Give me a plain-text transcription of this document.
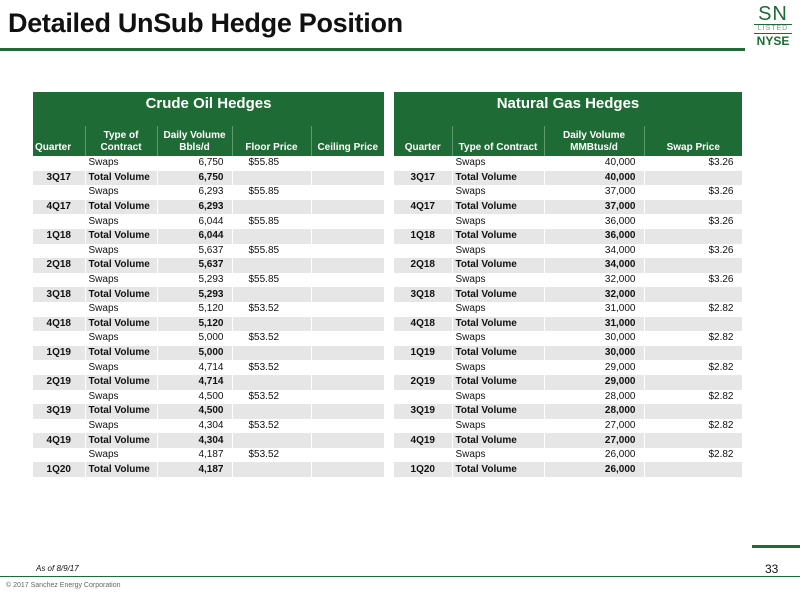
Detailed UnSub Hedge Position	SN
LISTED
NYSE
Crude Oil Hedges
Quarter	Type of Contract	Daily Volume Bbls/d	Floor Price	Ceiling Price
	Swaps	6,750	$55.85	
3Q17	Total Volume	6,750		
	Swaps	6,293	$55.85	
4Q17	Total Volume	6,293		
	Swaps	6,044	$55.85	
1Q18	Total Volume	6,044		
	Swaps	5,637	$55.85	
2Q18	Total Volume	5,637		
	Swaps	5,293	$55.85	
3Q18	Total Volume	5,293		
	Swaps	5,120	$53.52	
4Q18	Total Volume	5,120		
	Swaps	5,000	$53.52	
1Q19	Total Volume	5,000		
	Swaps	4,714	$53.52	
2Q19	Total Volume	4,714		
	Swaps	4,500	$53.52	
3Q19	Total Volume	4,500		
	Swaps	4,304	$53.52	
4Q19	Total Volume	4,304		
	Swaps	4,187	$53.52	
1Q20	Total Volume	4,187		
Natural Gas Hedges
Quarter	Type of Contract	Daily Volume MMBtus/d	Swap Price
	Swaps	40,000	$3.26
3Q17	Total Volume	40,000	
	Swaps	37,000	$3.26
4Q17	Total Volume	37,000	
	Swaps	36,000	$3.26
1Q18	Total Volume	36,000	
	Swaps	34,000	$3.26
2Q18	Total Volume	34,000	
	Swaps	32,000	$3.26
3Q18	Total Volume	32,000	
	Swaps	31,000	$2.82
4Q18	Total Volume	31,000	
	Swaps	30,000	$2.82
1Q19	Total Volume	30,000	
	Swaps	29,000	$2.82
2Q19	Total Volume	29,000	
	Swaps	28,000	$2.82
3Q19	Total Volume	28,000	
	Swaps	27,000	$2.82
4Q19	Total Volume	27,000	
	Swaps	26,000	$2.82
1Q20	Total Volume	26,000	
33
As of 8/9/17
© 2017 Sanchez Energy Corporation
